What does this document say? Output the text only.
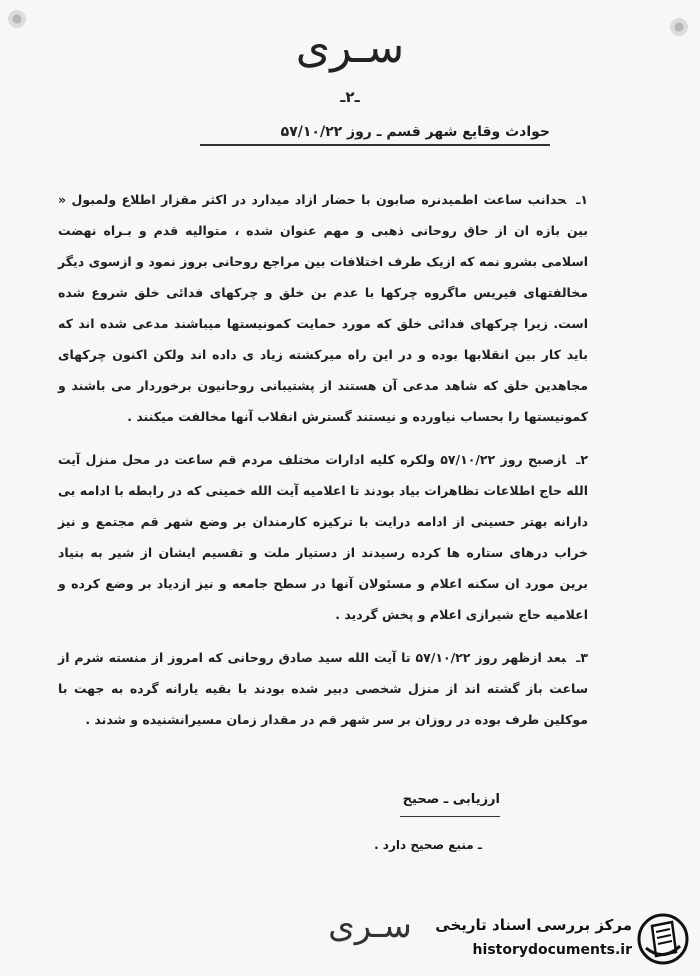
سـری
ـ۲ـ
حوادث وقایع شهر قسم ـ روز ۵۷/۱۰/۲۲

۱ـحدانب ساعت اطمیدنره صابون با حضار ازاد میدارد در اکثر مقزار اطلاع ولمبول « بین بازه ان از حاق روحانی ذهبی و مهم عنوان شده ، متوالیه قدم و بـراه نهضت اسلامی بشرو نمه که ازیک طرف اختلافات بین مراجع روحانی بروز نمود و ازسوی دیگر مخالفتهای فیریس ماگروه چرکها با عدم بن خلق و چرکهای فدائی خلق شروع شده است. زیرا چرکهای فدائی خلق که مورد حمایت کمونیستها میباشند مدعی شده اند که باید کار بین انقلابها بوده و در این راه میرکشته زیاد ی داده اند ولکن اکنون چرکهای مجاهدین خلق که شاهد مدعی آن هستند از پشتیبانی روحانیون برخوردار می باشند و کمونیستها را بحساب نیاورده و نیستند گسترش انقلاب آنها مخالفت میکنند .

۲ـازصبح روز ۵۷/۱۰/۲۲ ولکره کلیه ادارات مختلف مردم قم ساعت در محل منزل آیت الله حاج اطلاعات تظاهرات بیاد بودند تا اعلامیه آیت الله خمینی که در رابطه با ادامه بی دارانه بهتر حسینی از ادامه درایت با ترکیزه کارمندان بر وضع شهر قم مجتمع و نیز خراب درهای ستاره ها کرده رسیدند از دستیار ملت و تقسیم ایشان از شیر به بنیاد برین مورد ان سکنه اعلام و مسئولان آنها در سطح جامعه و نیز ازدیاد بر وضع کرده و اعلامیه حاج شیرازی اعلام و پخش گردید .

۳ـبعد ازظهر روز ۵۷/۱۰/۲۲ تا آیت الله سید صادق روحانی که امروز از منسته شرم از ساعت باز گشته اند از منزل شخصی دبیر شده بودند با بقیه یارانه گرده به جهت با موکلین طرف بوده در روزان بر سر شهر قم در مقدار زمان مسیرانشنیده و شدند .

ارزیابی ـ صحیح
ـ منبع صحیح دارد .
سـری	مرکز بررسی اسناد تاریخی
historydocuments.ir
